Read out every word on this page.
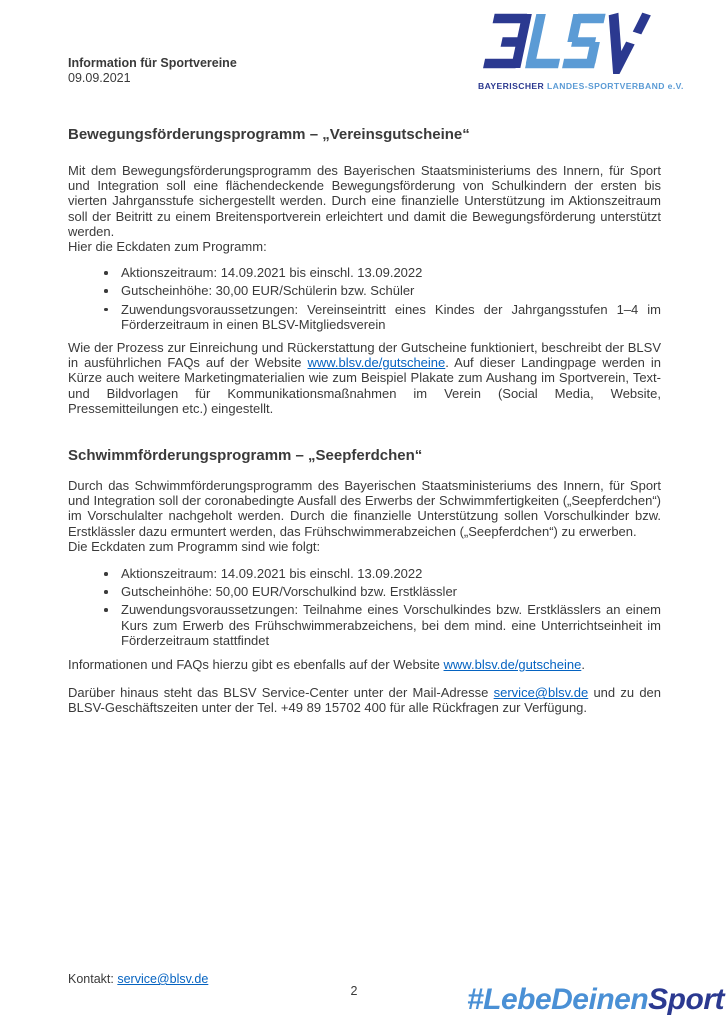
Information für Sportvereine
09.09.2021
BAYERISCHER LANDES-SPORTVERBAND e.V.
Bewegungsförderungsprogramm – „Vereinsgutscheine“

Mit dem Bewegungsförderungsprogramm des Bayerischen Staatsministeriums des Innern, für Sport und Integration soll eine flächendeckende Bewegungsförderung von Schulkindern der ersten bis vierten Jahrgansstufe sichergestellt werden. Durch eine finanzielle Unterstützung im Aktionszeitraum soll der Beitritt zu einem Breitensportverein erleichtert und damit die Bewegungsförderung unterstützt werden.

Hier die Eckdaten zum Programm:

Aktionszeitraum: 14.09.2021 bis einschl. 13.09.2022
Gutscheinhöhe: 30,00 EUR/Schülerin bzw. Schüler
Zuwendungsvoraussetzungen: Vereinseintritt eines Kindes der Jahrgangsstufen 1–4 im Förderzeitraum in einen BLSV-Mitgliedsverein

Wie der Prozess zur Einreichung und Rückerstattung der Gutscheine funktioniert, beschreibt der BLSV in ausführlichen FAQs auf der Website www.blsv.de/gutscheine. Auf dieser Landingpage werden in Kürze auch weitere Marketingmaterialien wie zum Beispiel Plakate zum Aushang im Sportverein, Text- und Bildvorlagen für Kommunikationsmaßnahmen im Verein (Social Media, Website, Pressemitteilungen etc.) eingestellt.

Schwimmförderungsprogramm – „Seepferdchen“

Durch das Schwimmförderungsprogramm des Bayerischen Staatsministeriums des Innern, für Sport und Integration soll der coronabedingte Ausfall des Erwerbs der Schwimmfertigkeiten („Seepferdchen“) im Vorschulalter nachgeholt werden. Durch die finanzielle Unterstützung sollen Vorschulkinder bzw. Erstklässler dazu ermuntert werden, das Frühschwimmerabzeichen („Seepferdchen“) zu erwerben.

Die Eckdaten zum Programm sind wie folgt:

Aktionszeitraum: 14.09.2021 bis einschl. 13.09.2022
Gutscheinhöhe: 50,00 EUR/Vorschulkind bzw. Erstklässler
Zuwendungsvoraussetzungen: Teilnahme eines Vorschulkindes bzw. Erstklässlers an einem Kurs zum Erwerb des Frühschwimmerabzeichens, bei dem mind. eine Unterrichtseinheit im Förderzeitraum stattfindet

Informationen und FAQs hierzu gibt es ebenfalls auf der Website www.blsv.de/gutscheine.

Darüber hinaus steht das BLSV Service-Center unter der Mail-Adresse service@blsv.de und zu den BLSV-Geschäftszeiten unter der Tel. +49 89 15702 400 für alle Rückfragen zur Verfügung.

Kontakt: service@blsv.de
2	#LebeDeinenSport
